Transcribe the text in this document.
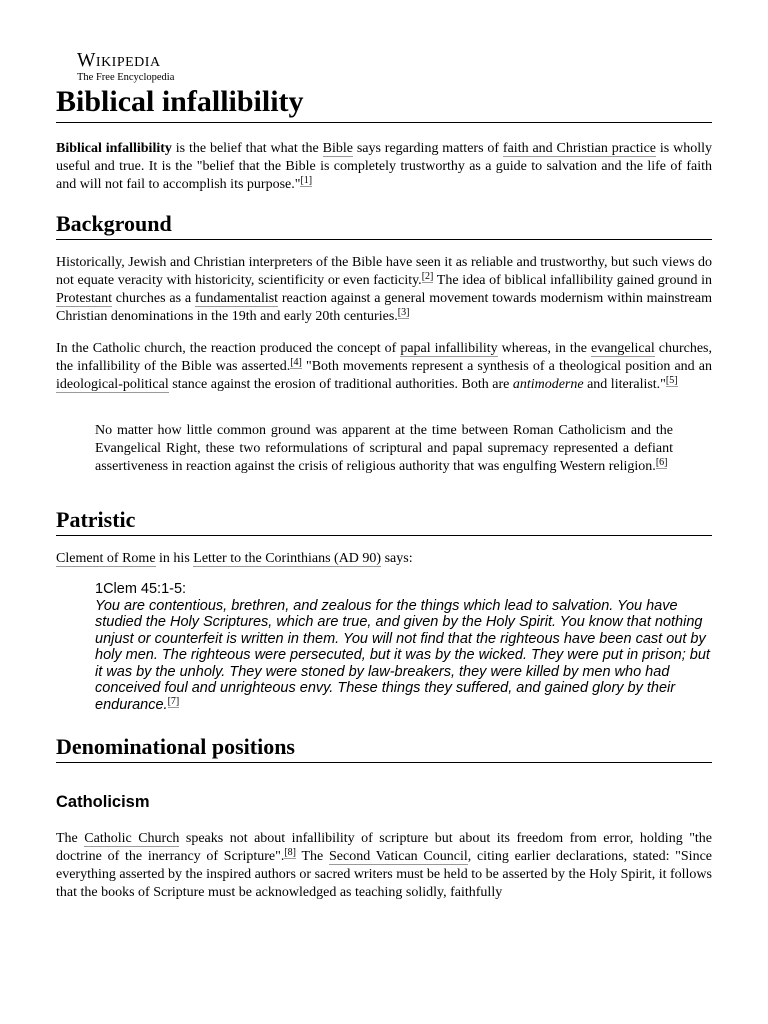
Wikipedia
The Free Encyclopedia
Biblical infallibility

Biblical infallibility is the belief that what the Bible says regarding matters of faith and Christian practice is wholly useful and true. It is the "belief that the Bible is completely trustworthy as a guide to salvation and the life of faith and will not fail to accomplish its purpose."[1]

Background

Historically, Jewish and Christian interpreters of the Bible have seen it as reliable and trustworthy, but such views do not equate veracity with historicity, scientificity or even facticity.[2] The idea of biblical infallibility gained ground in Protestant churches as a fundamentalist reaction against a general movement towards modernism within mainstream Christian denominations in the 19th and early 20th centuries.[3]

In the Catholic church, the reaction produced the concept of papal infallibility whereas, in the evangelical churches, the infallibility of the Bible was asserted.[4] "Both movements represent a synthesis of a theological position and an ideological-political stance against the erosion of traditional authorities. Both are antimoderne and literalist."[5]

No matter how little common ground was apparent at the time between Roman Catholicism and the Evangelical Right, these two reformulations of scriptural and papal supremacy represented a defiant assertiveness in reaction against the crisis of religious authority that was engulfing Western religion.[6]

Patristic

Clement of Rome in his Letter to the Corinthians (AD 90) says:

1Clem 45:1-5:
You are contentious, brethren, and zealous for the things which lead to salvation. You have studied the Holy Scriptures, which are true, and given by the Holy Spirit. You know that nothing unjust or counterfeit is written in them. You will not find that the righteous have been cast out by holy men. The righteous were persecuted, but it was by the wicked. They were put in prison; but it was by the unholy. They were stoned by law-breakers, they were killed by men who had conceived foul and unrighteous envy. These things they suffered, and gained glory by their endurance.[7]
Denominational positions
Catholicism

The Catholic Church speaks not about infallibility of scripture but about its freedom from error, holding "the doctrine of the inerrancy of Scripture".[8] The Second Vatican Council, citing earlier declarations, stated: "Since everything asserted by the inspired authors or sacred writers must be held to be asserted by the Holy Spirit, it follows that the books of Scripture must be acknowledged as teaching solidly, faithfully
